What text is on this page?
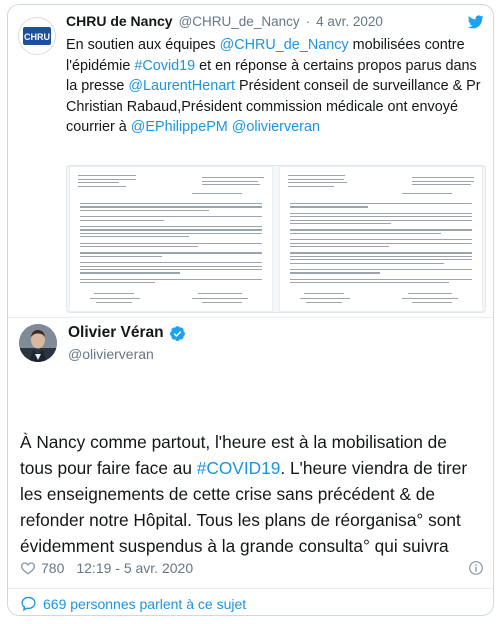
CHRU
CHRU de Nancy @CHRU_de_Nancy · 4 avr. 2020
En soutien aux équipes @CHRU_de_Nancy mobilisées contre l'épidémie #Covid19 et en réponse à certains propos parus dans la presse @LaurentHenart Président conseil de surveillance & Pr Christian Rabaud,Président commission médicale ont envoyé courrier à @EPhilippePM @olivierveran
Olivier Véran
@olivierveran
À Nancy comme partout, l'heure est à la mobilisation de tous pour faire face au #COVID19. L'heure viendra de tirer les enseignements de cette crise sans précédent & de refonder notre Hôpital. Tous les plans de réorganisa° sont évidemment suspendus à la grande consulta° qui suivra
780 12:19 - 5 avr. 2020
669 personnes parlent à ce sujet
